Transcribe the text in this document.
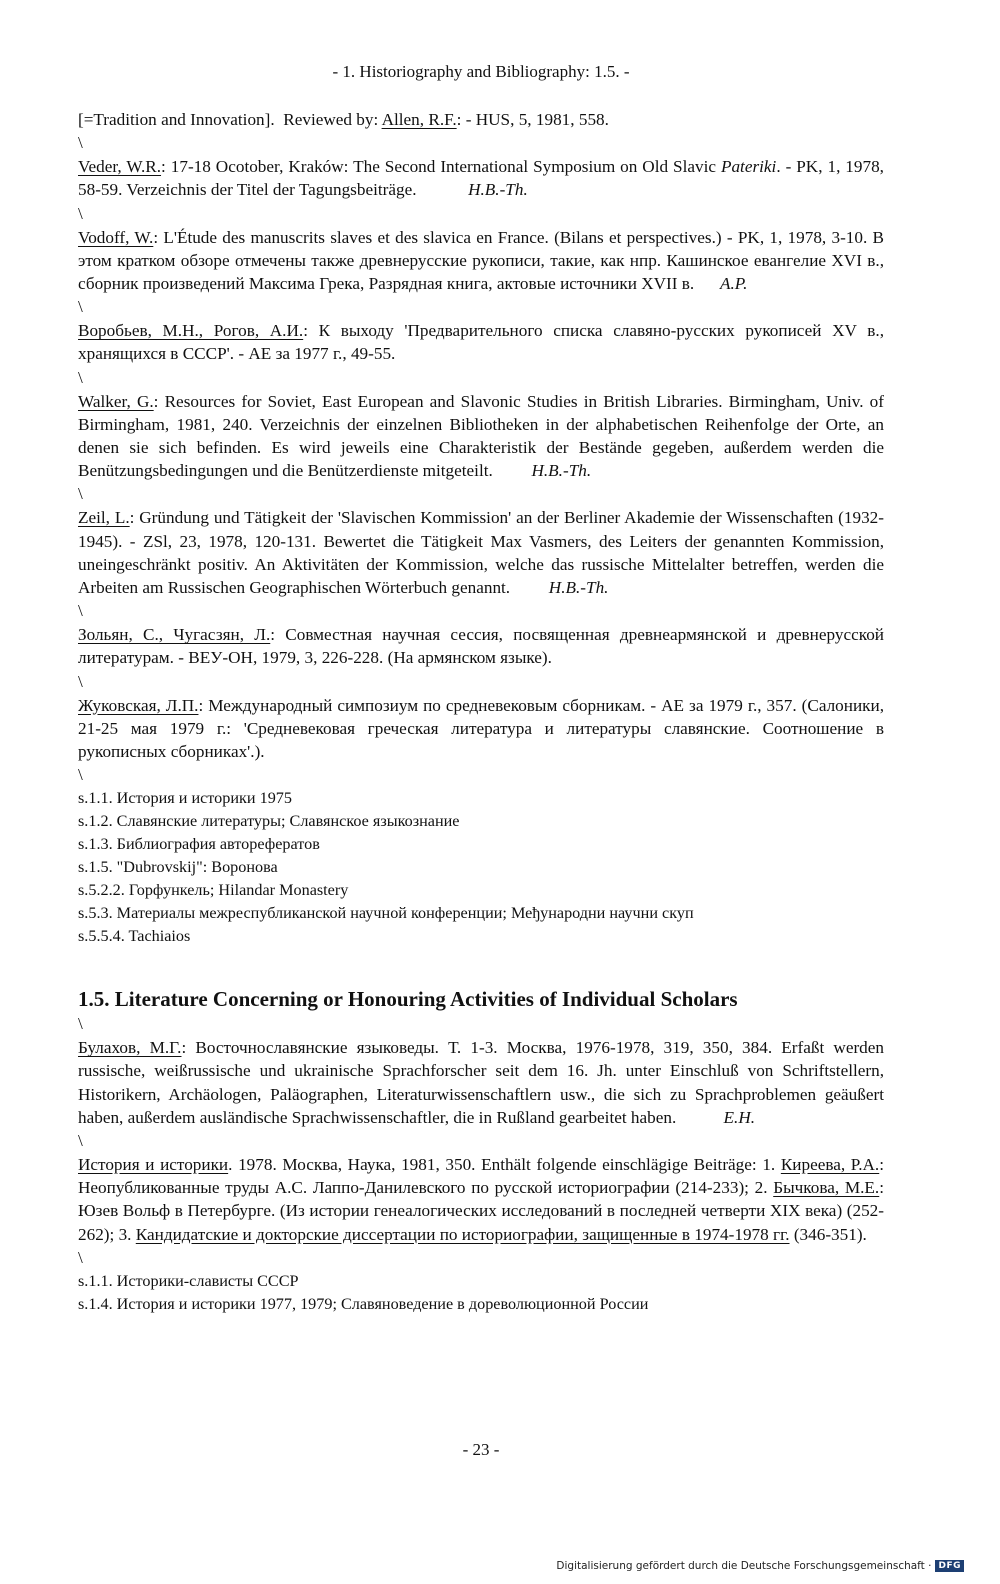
- 1. Historiography and Bibliography: 1.5. -

[=Tradition and Innovation].  Reviewed by: Allen, R.F.: - HUS, 5, 1981, 558.

\

Veder, W.R.: 17-18 Ocotober, Kraków: The Second International Symposium on Old Slavic Pateriki. - PK, 1, 1978, 58-59. Verzeichnis der Titel der Tagungsbeiträge.	H.B.-Th.

\

Vodoff, W.: L'Étude des manuscrits slaves et des slavica en France. (Bilans et perspectives.) - PK, 1, 1978, 3-10. В этом кратком обзоре отмечены также древнерусские рукописи, такие, как нпр. Кашинское евангелие XVI в., сборник произведений Максима Грека, Разрядная книга, актовые источники XVII в. A.P.

\

Воробьев, М.Н., Рогов, А.И.: К выходу 'Предварительного списка славяно-русских рукописей XV в., хранящихся в СССР'. - АЕ за 1977 г., 49-55.

\

Walker, G.: Resources for Soviet, East European and Slavonic Studies in British Libraries. Birmingham, Univ. of Birmingham, 1981, 240. Verzeichnis der einzelnen Bibliotheken in der alphabetischen Reihenfolge der Orte, an denen sie sich befinden. Es wird jeweils eine Charakteristik der Bestände gegeben, außerdem werden die Benützungsbedingungen und die Benützerdienste mitgeteilt. H.B.-Th.

\

Zeil, L.: Gründung und Tätigkeit der 'Slavischen Kommission' an der Berliner Akademie der Wissenschaften (1932-1945). - ZSl, 23, 1978, 120-131. Bewertet die Tätigkeit Max Vasmers, des Leiters der genannten Kommission, uneingeschränkt positiv. An Aktivitäten der Kommission, welche das russische Mittelalter betreffen, werden die Arbeiten am Russischen Geographischen Wörterbuch genannt. H.B.-Th.

\

Зольян, С., Чугасзян, Л.: Совместная научная сессия, посвященная древнеармянской и древнерусской литературам. - ВЕУ-ОН, 1979, 3, 226-228. (На армянском языке).

\

Жуковская, Л.П.: Международный симпозиум по средневековым сборникам. - АЕ за 1979 г., 357. (Салоники, 21-25 мая 1979 г.: 'Средневековая греческая литература и литературы славянские. Соотношение в рукописных сборниках'.).

\
s.1.1. История и историки 1975
s.1.2. Славянские литературы; Славянское языкознание
s.1.3. Библиография авторефератов
s.1.5. "Dubrovskij": Воронова
s.5.2.2. Горфункель; Hilandar Monastery
s.5.3. Материалы межреспубликанской научной конференции; Међународни научни скуп
s.5.5.4. Tachiaios
1.5. Literature Concerning or Honouring Activities of Individual Scholars
\

Булахов, М.Г.: Восточнославянские языковеды. Т. 1-3. Москва, 1976-1978, 319, 350, 384. Erfaßt werden russische, weißrussische und ukrainische Sprachforscher seit dem 16. Jh. unter Einschluß von Schriftstellern, Historikern, Archäologen, Paläographen, Literaturwissenschaftlern usw., die sich zu Sprachproblemen geäußert haben, außerdem ausländische Sprachwissenschaftler, die in Rußland gearbeitet haben.	E.H.

\

История и историки. 1978. Москва, Наука, 1981, 350. Enthält folgende einschlägige Beiträge: 1. Киреева, Р.А.: Неопубликованные труды А.С. Лаппо-Данилевского по русской историографии (214-233); 2. Бычкова, М.Е.: Юзев Вольф в Петербурге. (Из истории генеалогических исследований в последней четверти XIX века) (252-262); 3. Кандидатские и докторские диссертации по историографии, защищенные в 1974-1978 гг. (346-351).

\
s.1.1. Историки-слависты СССР
s.1.4. История и историки 1977, 1979; Славяноведение в дореволюционной России
- 23 -
Digitalisierung gefördert durch die Deutsche Forschungsgemeinschaft · DFG
